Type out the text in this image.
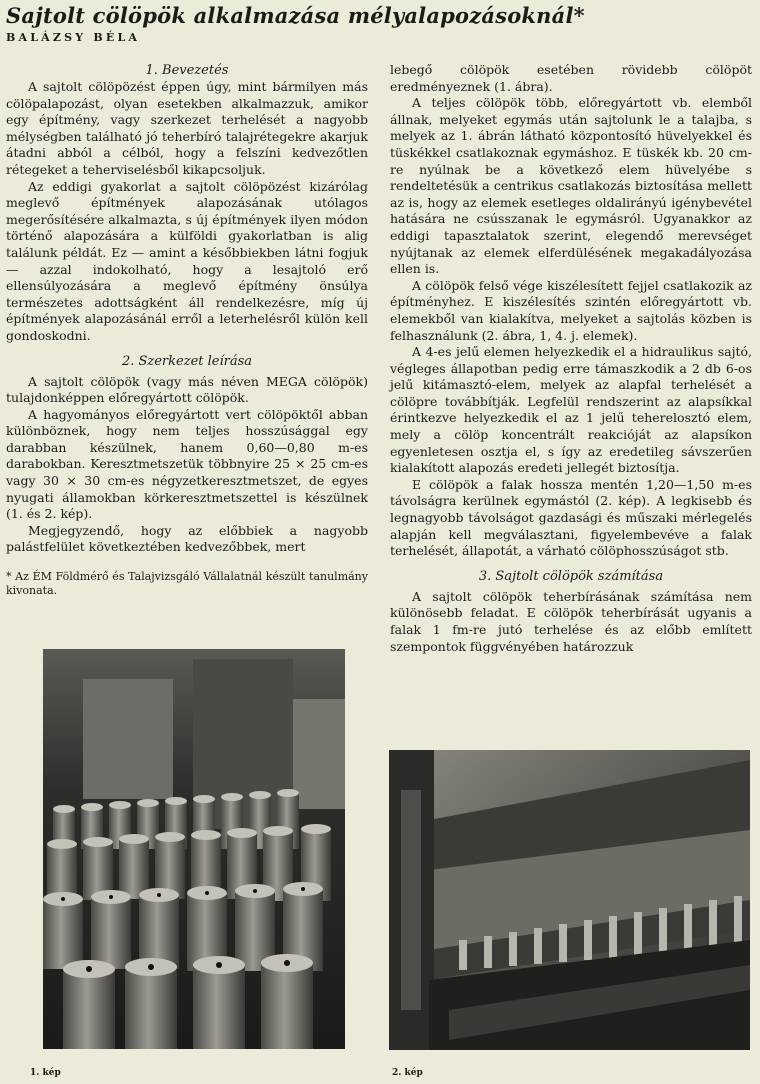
Sajtolt cölöpök alkalmazása mélyalapozásoknál*
BALÁZSY BÉLA
1. Bevezetés

A sajtolt cölöpözést éppen úgy, mint bármilyen más cölöpalapozást, olyan esetekben alkalmazzuk, amikor egy építmény, vagy szerkezet terhelését a nagyobb mélységben található jó teherbíró talajrétegekre akarjuk átadni abból a célból, hogy a felszíni kedvezőtlen rétegeket a teherviselésből kikapcsoljuk.

Az eddigi gyakorlat a sajtolt cölöpözést kizárólag meglevő építmények alapozásának utólagos megerősítésére alkalmazta, s új építmények ilyen módon történő alapozására a külföldi gyakorlatban is alig találunk példát. Ez — amint a későbbiekben látni fogjuk — azzal indokolható, hogy a lesajtoló erő ellensúlyozására a meglevő építmény önsúlya természetes adottságként áll rendelkezésre, míg új építmények alapozásánál erről a leterhelésről külön kell gondoskodni.

2. Szerkezet leírása

A sajtolt cölöpök (vagy más néven MEGA cölöpök) tulajdonképpen előregyártott cölöpök.

A hagyományos előregyártott vert cölöpöktől abban különböznek, hogy nem teljes hosszúsággal egy darabban készülnek, hanem 0,60—0,80 m-es darabokban. Keresztmetszetük többnyire 25 × 25 cm-es vagy 30 × 30 cm-es négyzetkeresztmetszet, de egyes nyugati államokban körkeresztmetszettel is készülnek (1. és 2. kép).

Megjegyzendő, hogy az előbbiek a nagyobb palástfelület következtében kedvezőbbek, mert

* Az ÉM Földmérő és Talajvizsgáló Vállalatnál készült tanulmány kivonata.

lebegő cölöpök esetében rövidebb cölöpöt eredményeznek (1. ábra).

A teljes cölöpök több, előregyártott vb. elemből állnak, melyeket egymás után sajtolunk le a talajba, s melyek az 1. ábrán látható központosító hüvelyekkel és tüskékkel csatlakoznak egymáshoz. E tüskék kb. 20 cm-re nyúlnak be a következő elem hüvelyébe s rendeltetésük a centrikus csatlakozás biztosítása mellett az is, hogy az elemek esetleges oldalirányú igénybevétel hatására ne csússzanak le egymásról. Ugyanakkor az eddigi tapasztalatok szerint, elegendő merevséget nyújtanak az elemek elferdülésének megakadályozása ellen is.

A cölöpök felső vége kiszélesített fejjel csatlakozik az építményhez. E kiszélesítés szintén előregyártott vb. elemekből van kialakítva, melyeket a sajtolás közben is felhasználunk (2. ábra, 1, 4. j. elemek).

A 4-es jelű elemen helyezkedik el a hidraulikus sajtó, végleges állapotban pedig erre támaszkodik a 2 db 6-os jelű kitámasztó-elem, melyek az alapfal terhelését a cölöpre továbbítják. Legfelül rendszerint az alapsíkkal érintkezve helyezkedik el az 1 jelű teherelosztó elem, mely a cölöp koncentrált reakcióját az alapsíkon egyenletesen osztja el, s így az eredetileg sávszerűen kialakított alapozás eredeti jellegét biztosítja.

E cölöpök a falak hossza mentén 1,20—1,50 m-es távolságra kerülnek egymástól (2. kép). A legkisebb és legnagyobb távolságot gazdasági és műszaki mérlegelés alapján kell megválasztani, figyelembevéve a falak terhelését, állapotát, a várható cölöphosszúságot stb.

3. Sajtolt cölöpök számítása

A sajtolt cölöpök teherbírásának számítása nem különösebb feladat. E cölöpök teherbírását ugyanis a falak 1 fm-re jutó terhelése és az előbb említett szempontok függvényében határozzuk

1. kép	2. kép
